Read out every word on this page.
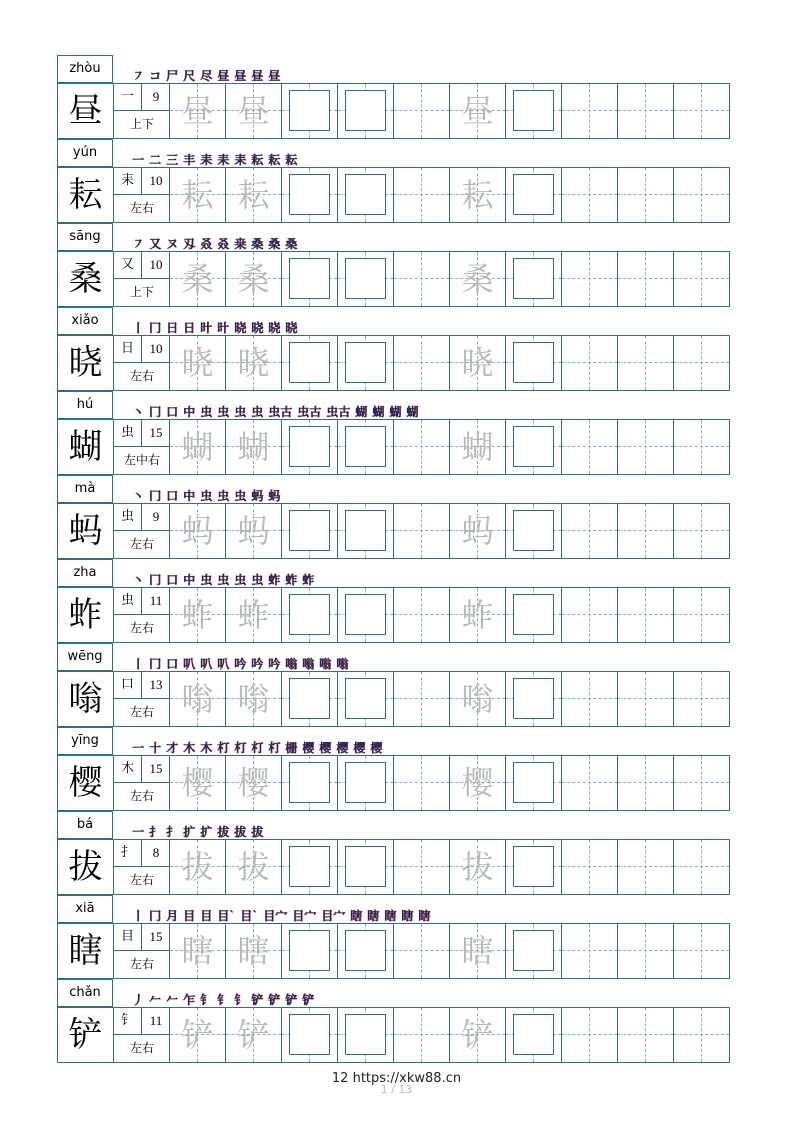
zhòu	㇇ コ 尸 尺 尽 昼 昼 昼 昼
昼	一	9
上下 昼 昼	昼
yún	一 二 三 丰 耒 耒 耒 耘 耘 耘
耘	耒	10
左右 耘 耘	耘
sāng	㇇ 又 ヌ 刄 叒 叒 桒 桑 桑 桑
桑	又	10
上下 桑 桑	桑
xiǎo	丨 冂 日 日 旪 旪 晓 晓 晓 晓
晓	日	10
左右 晓 晓	晓
hú	丶 冂 口 中 虫 虫 虫 虫 虫古 虫古 虫古 蝴 蝴 蝴 蝴
蝴	虫	15
左中右 蝴 蝴	蝴
mà	丶 冂 口 中 虫 虫 虫 蚂 蚂
蚂	虫	9
左右 蚂 蚂	蚂
zha	丶 冂 口 中 虫 虫 虫 虫 蚱 蚱 蚱
蚱	虫	11
左右 蚱 蚱	蚱
wēng	丨 冂 口 叭 叭 叭 吟 吟 吟 嗡 嗡 嗡 嗡
嗡	口	13
左右 嗡 嗡	嗡
yīng	一 十 才 木 木 朾 朾 朾 朾 栅 樱 樱 樱 樱 樱
樱	木	15
左右 樱 樱	樱
bá	一 扌 扌 扩 扩 拔 拔 拔
拔	扌	8
左右 拔 拔	拔
xiā	丨 冂 月 目 目 目` 目` 目宀 目宀 目宀 瞎 瞎 瞎 瞎 瞎
瞎	目	15
左右 瞎 瞎	瞎
chǎn	丿 𠂉 𠂉 乍 钅 钅 钅 铲 铲 铲 铲
铲	钅	11
左右 铲 铲	铲
12 https://xkw88.cn
1 / 13
